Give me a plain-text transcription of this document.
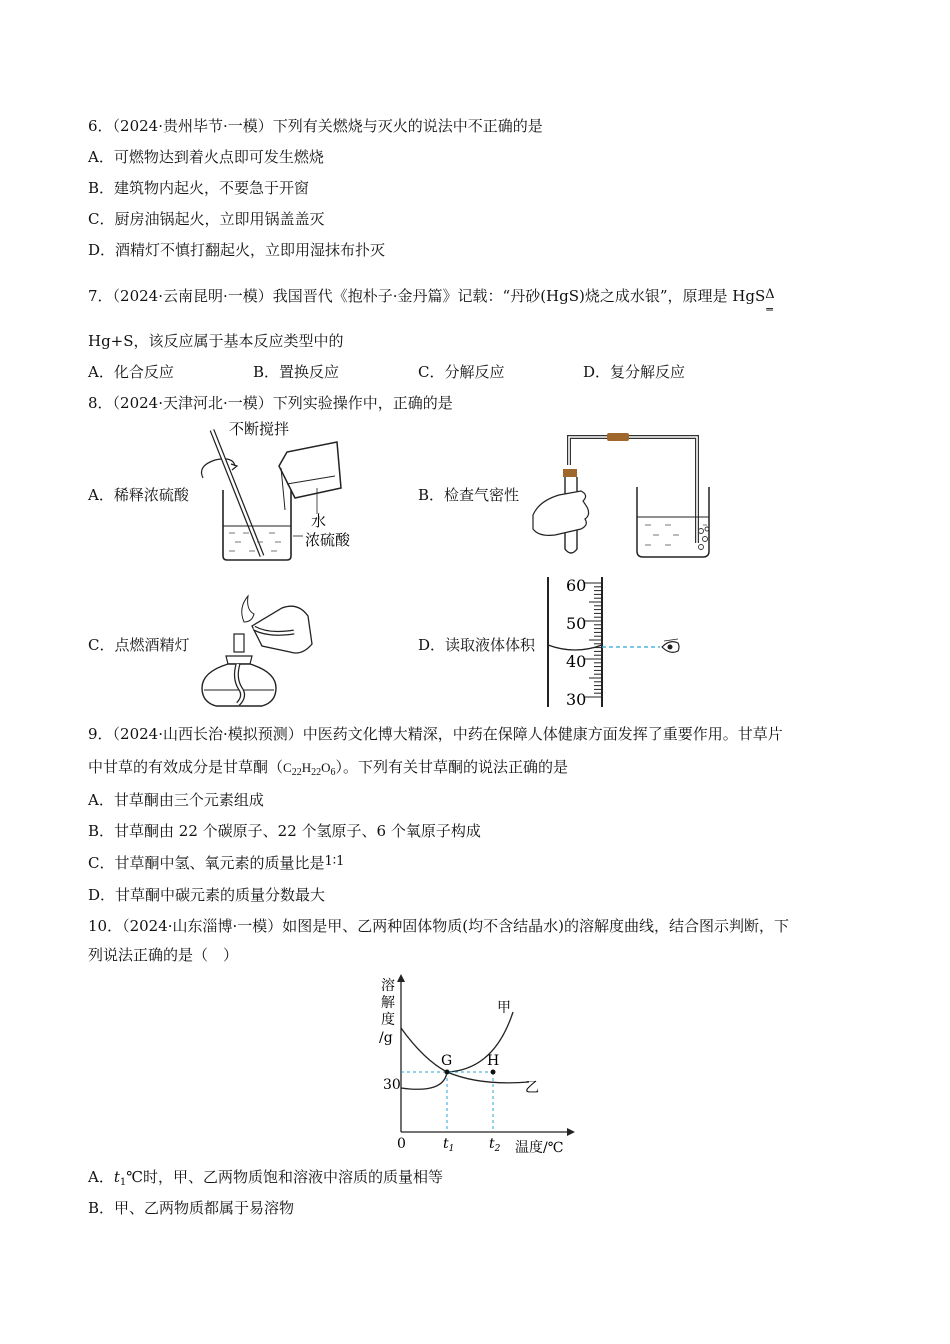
6．（2024·贵州毕节·一模）下列有关燃烧与灭火的说法中不正确的是
A．可燃物达到着火点即可发生燃烧
B．建筑物内起火，不要急于开窗
C．厨房油锅起火，立即用锅盖盖灭
D．酒精灯不慎打翻起火，立即用湿抹布扑灭
7．（2024·云南昆明·一模）我国晋代《抱朴子·金丹篇》记载：“丹砂(HgS)烧之成水银”，原理是 HgS Δ
═
Hg+S，该反应属于基本反应类型中的
A．化合反应	B．置换反应	C．分解反应	D．复分解反应
8．（2024·天津河北·一模）下列实验操作中，正确的是
A．稀释浓硫酸	B．检查气密性
C．点燃酒精灯	D．读取液体体积
不断搅拌
水
浓硫酸
60
50
40
30
9．（2024·山西长治·模拟预测）中医药文化博大精深，中药在保障人体健康方面发挥了重要作用。甘草片
中甘草的有效成分是甘草酮$(C_{22}H_{22}O_6)$。下列有关甘草酮的说法正确的是
A．甘草酮由三个元素组成
B．甘草酮由 22 个碳原子、22 个氢原子、6 个氧原子构成
C．甘草酮中氢、氧元素的质量比是1∶1
D．甘草酮中碳元素的质量分数最大
10．（2024·山东淄博·一模）如图是甲、乙两种固体物质(均不含结晶水)的溶解度曲线，结合图示判断，下
列说法正确的是（　）
溶
解
度
/g
0
30
温度/℃
甲
乙
G H
$t_1$ $t_2$
A．$t_1℃$时，甲、乙两物质饱和溶液中溶质的质量相等
B．甲、乙两物质都属于易溶物
